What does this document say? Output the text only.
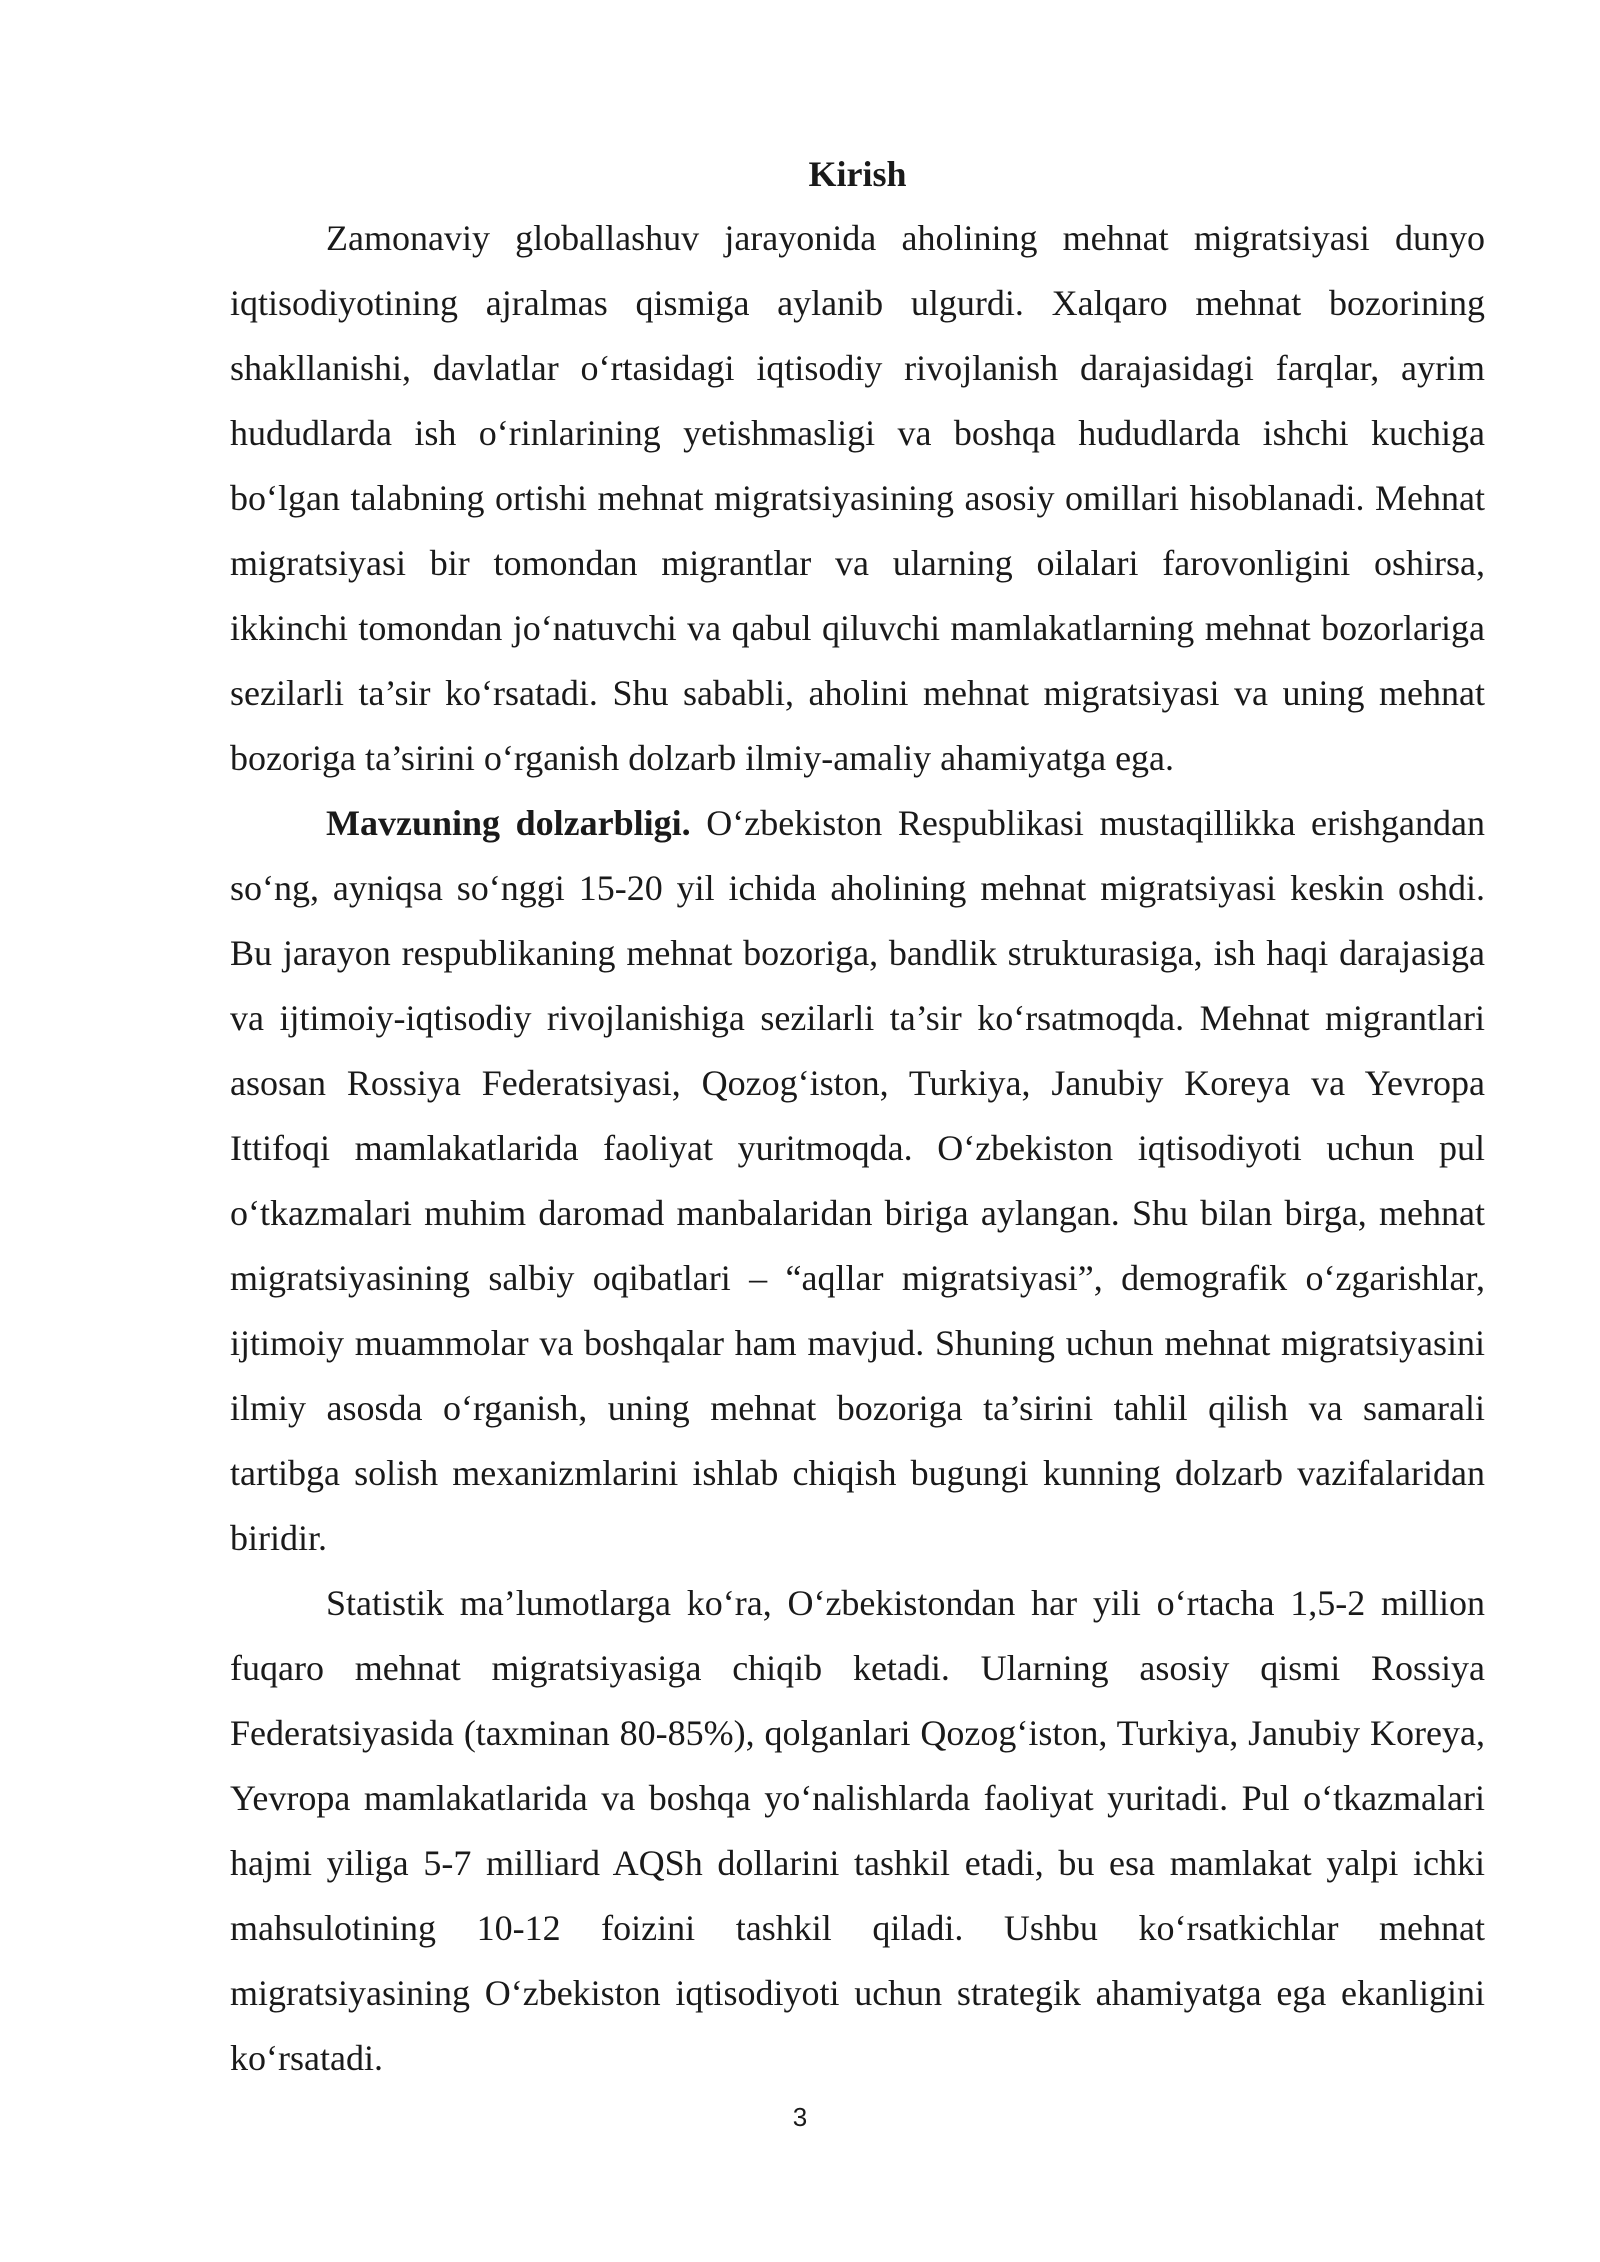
Kirish

Zamonaviy globallashuv jarayonida aholining mehnat migratsiyasi dunyo iqtisodiyotining ajralmas qismiga aylanib ulgurdi. Xalqaro mehnat bozorining shakllanishi, davlatlar o‘rtasidagi iqtisodiy rivojlanish darajasidagi farqlar, ayrim hududlarda ish o‘rinlarining yetishmasligi va boshqa hududlarda ishchi kuchiga bo‘lgan talabning ortishi mehnat migratsiyasining asosiy omillari hisoblanadi. Mehnat migratsiyasi bir tomondan migrantlar va ularning oilalari farovonligini oshirsa, ikkinchi tomondan jo‘natuvchi va qabul qiluvchi mamlakatlarning mehnat bozorlariga sezilarli ta’sir ko‘rsatadi. Shu sababli, aholini mehnat migratsiyasi va uning mehnat bozoriga ta’sirini o‘rganish dolzarb ilmiy-amaliy ahamiyatga ega.

Mavzuning dolzarbligi. O‘zbekiston Respublikasi mustaqillikka erishgandan so‘ng, ayniqsa so‘nggi 15-20 yil ichida aholining mehnat migratsiyasi keskin oshdi. Bu jarayon respublikaning mehnat bozoriga, bandlik strukturasiga, ish haqi darajasiga va ijtimoiy-iqtisodiy rivojlanishiga sezilarli ta’sir ko‘rsatmoqda. Mehnat migrantlari asosan Rossiya Federatsiyasi, Qozog‘iston, Turkiya, Janubiy Koreya va Yevropa Ittifoqi mamlakatlarida faoliyat yuritmoqda. O‘zbekiston iqtisodiyoti uchun pul o‘tkazmalari muhim daromad manbalaridan biriga aylangan. Shu bilan birga, mehnat migratsiyasining salbiy oqibatlari – “aqllar migratsiyasi”, demografik o‘zgarishlar, ijtimoiy muammolar va boshqalar ham mavjud. Shuning uchun mehnat migratsiyasini ilmiy asosda o‘rganish, uning mehnat bozoriga ta’sirini tahlil qilish va samarali tartibga solish mexanizmlarini ishlab chiqish bugungi kunning dolzarb vazifalaridan biridir.

Statistik ma’lumotlarga ko‘ra, O‘zbekistondan har yili o‘rtacha 1,5-2 million fuqaro mehnat migratsiyasiga chiqib ketadi. Ularning asosiy qismi Rossiya Federatsiyasida (taxminan 80-85%), qolganlari Qozog‘iston, Turkiya, Janubiy Koreya, Yevropa mamlakatlarida va boshqa yo‘nalishlarda faoliyat yuritadi. Pul o‘tkazmalari hajmi yiliga 5-7 milliard AQSh dollarini tashkil etadi, bu esa mamlakat yalpi ichki mahsulotining 10-12 foizini tashkil qiladi. Ushbu ko‘rsatkichlar mehnat migratsiyasining O‘zbekiston iqtisodiyoti uchun strategik ahamiyatga ega ekanligini ko‘rsatadi.

3
